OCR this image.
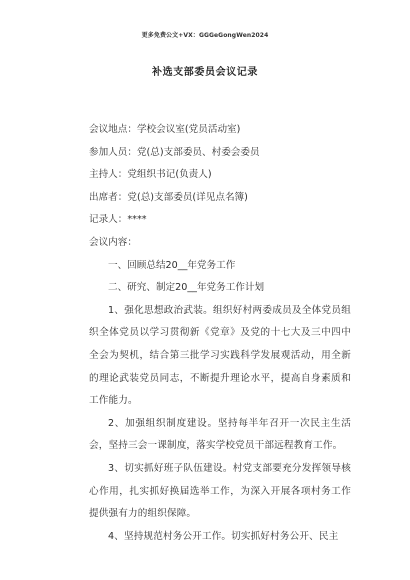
更多免费公文+VX：GGGeGongWen2024
补选支部委员会议记录
会议地点：学校会议室(党员活动室)
参加人员：党(总)支部委员、村委会委员
主持人：党组织书记(负责人)
出席者：党(总)支部委员(详见点名簿)
记录人：****
会议内容：
一、回顾总结20__年党务工作
二、研究、制定20__年党务工作计划
1、强化思想政治武装。组织好村两委成员及全体党员组织全体党员以学习贯彻新《党章》及党的十七大及三中四中全会为契机，结合第三批学习实践科学发展观活动，用全新的理论武装党员同志，不断提升理论水平，提高自身素质和工作能力。
2、加强组织制度建设。坚持每半年召开一次民主生活会，坚持三会一课制度，落实学校党员干部远程教育工作。
3、切实抓好班子队伍建设。村党支部要充分发挥领导核心作用，扎实抓好换届选举工作，为深入开展各项村务工作提供强有力的组织保障。
4、坚持规范村务公开工作。切实抓好村务公开、民主
